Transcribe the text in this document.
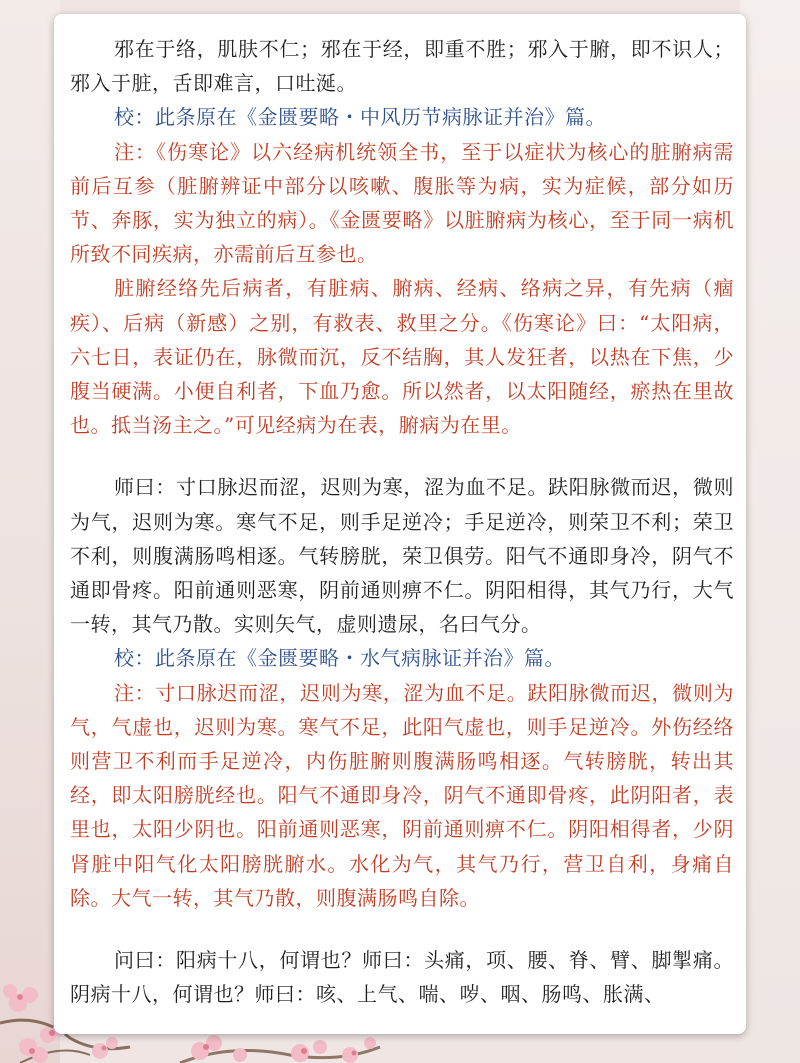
邪在于络，肌肤不仁；邪在于经，即重不胜；邪入于腑，即不识人；邪入于脏，舌即难言，口吐涎。

校：此条原在《金匮要略・中风历节病脉证并治》篇。

注：《伤寒论》以六经病机统领全书，至于以症状为核心的脏腑病需前后互参（脏腑辨证中部分以咳嗽、腹胀等为病，实为症候，部分如历节、奔豚，实为独立的病）。《金匮要略》以脏腑病为核心，至于同一病机所致不同疾病，亦需前后互参也。

脏腑经络先后病者，有脏病、腑病、经病、络病之异，有先病（痼疾）、后病（新感）之别，有救表、救里之分。《伤寒论》曰：“太阳病，六七日，表证仍在，脉微而沉，反不结胸，其人发狂者，以热在下焦，少腹当硬满。小便自利者，下血乃愈。所以然者，以太阳随经，瘀热在里故也。抵当汤主之。”可见经病为在表，腑病为在里。

师曰：寸口脉迟而涩，迟则为寒，涩为血不足。趺阳脉微而迟，微则为气，迟则为寒。寒气不足，则手足逆冷；手足逆冷，则荣卫不利；荣卫不利，则腹满肠鸣相逐。气转膀胱，荣卫俱劳。阳气不通即身冷，阴气不通即骨疼。阳前通则恶寒，阴前通则痹不仁。阴阳相得，其气乃行，大气一转，其气乃散。实则矢气，虚则遗尿，名曰气分。

校：此条原在《金匮要略・水气病脉证并治》篇。

注：寸口脉迟而涩，迟则为寒，涩为血不足。趺阳脉微而迟，微则为气，气虚也，迟则为寒。寒气不足，此阳气虚也，则手足逆冷。外伤经络则营卫不利而手足逆冷，内伤脏腑则腹满肠鸣相逐。气转膀胱，转出其经，即太阳膀胱经也。阳气不通即身冷，阴气不通即骨疼，此阴阳者，表里也，太阳少阴也。阳前通则恶寒，阴前通则痹不仁。阴阳相得者，少阴肾脏中阳气化太阳膀胱腑水。水化为气，其气乃行，营卫自利，身痛自除。大气一转，其气乃散，则腹满肠鸣自除。

问曰：阳病十八，何谓也？师曰：头痛，项、腰、脊、臂、脚掣痛。阴病十八，何谓也？师曰：咳、上气、喘、哕、咽、肠鸣、胀满、
